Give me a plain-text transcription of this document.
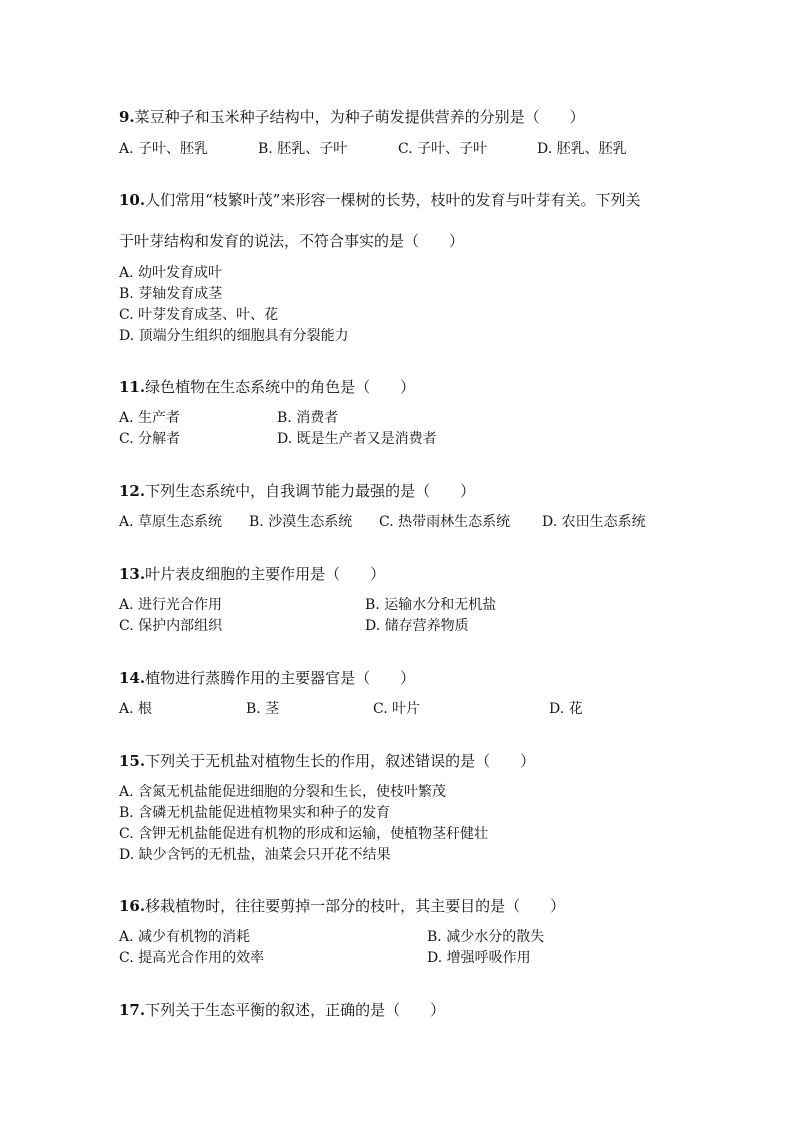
9.菜豆种子和玉米种子结构中，为种子萌发提供营养的分别是（　　）
A. 子叶、胚乳	B. 胚乳、子叶	C. 子叶、子叶	D. 胚乳、胚乳
10.人们常用“枝繁叶茂”来形容一棵树的长势，枝叶的发育与叶芽有关。下列关
于叶芽结构和发育的说法，不符合事实的是（　　）
A. 幼叶发育成叶
B. 芽轴发育成茎
C. 叶芽发育成茎、叶、花
D. 顶端分生组织的细胞具有分裂能力
11.绿色植物在生态系统中的角色是（　　）
A. 生产者	B. 消费者
C. 分解者	D. 既是生产者又是消费者
12.下列生态系统中，自我调节能力最强的是（　　）
A. 草原生态系统 B. 沙漠生态系统 C. 热带雨林生态系统 D. 农田生态系统
13.叶片表皮细胞的主要作用是（　　）
A. 进行光合作用	B. 运输水分和无机盐
C. 保护内部组织	D. 储存营养物质
14.植物进行蒸腾作用的主要器官是（　　）
A. 根	B. 茎	C. 叶片	D. 花
15.下列关于无机盐对植物生长的作用，叙述错误的是（　　）
A. 含氮无机盐能促进细胞的分裂和生长，使枝叶繁茂
B. 含磷无机盐能促进植物果实和种子的发育
C. 含钾无机盐能促进有机物的形成和运输，使植物茎秆健壮
D. 缺少含钙的无机盐，油菜会只开花不结果
16.移栽植物时，往往要剪掉一部分的枝叶，其主要目的是（　　）
A. 减少有机物的消耗	B. 减少水分的散失
C. 提高光合作用的效率	D. 增强呼吸作用
17.下列关于生态平衡的叙述，正确的是（　　）
